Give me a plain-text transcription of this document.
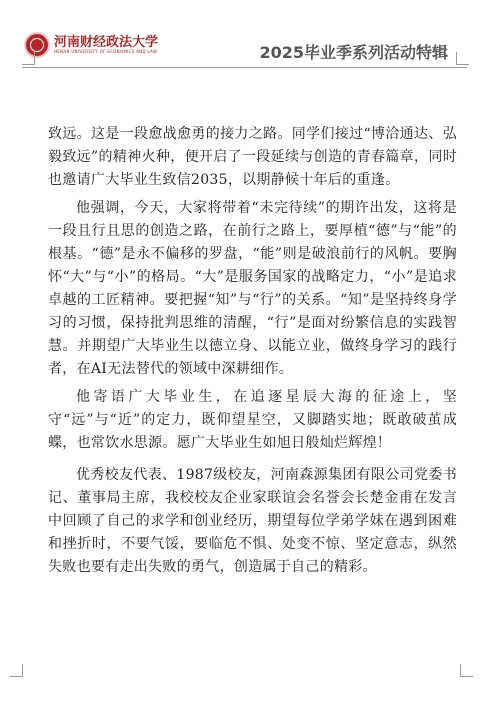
河南财经政法大学
HENAN UNIVERSITY OF ECONOMICS AND LAW	2025毕业季系列活动特辑

致远。这是一段愈战愈勇的接力之路。同学们接过“博洽通达、弘毅致远”的精神火种，便开启了一段延续与创造的青春篇章，同时也邀请广大毕业生致信2035，以期静候十年后的重逢。

他强调，今天，大家将带着“未完待续”的期许出发，这将是一段且行且思的创造之路，在前行之路上，要厚植“德”与“能”的根基。“德”是永不偏移的罗盘，“能”则是破浪前行的风帆。要胸怀“大”与“小”的格局。“大”是服务国家的战略定力，“小”是追求卓越的工匠精神。要把握“知”与“行”的关系。“知”是坚持终身学习的习惯，保持批判思维的清醒，“行”是面对纷繁信息的实践智慧。并期望广大毕业生以德立身、以能立业，做终身学习的践行者，在AI无法替代的领域中深耕细作。

他寄语广大毕业生，在追逐星辰大海的征途上，坚守“远”与“近”的定力，既仰望星空，又脚踏实地；既敢破茧成蝶，也常饮水思源。愿广大毕业生如旭日般灿烂辉煌！

优秀校友代表、1987级校友，河南森源集团有限公司党委书记、董事局主席，我校校友企业家联谊会名誉会长楚金甫在发言中回顾了自己的求学和创业经历，期望每位学弟学妹在遇到困难和挫折时，不要气馁，要临危不惧、处变不惊、坚定意志，纵然失败也要有走出失败的勇气，创造属于自己的精彩。

·
